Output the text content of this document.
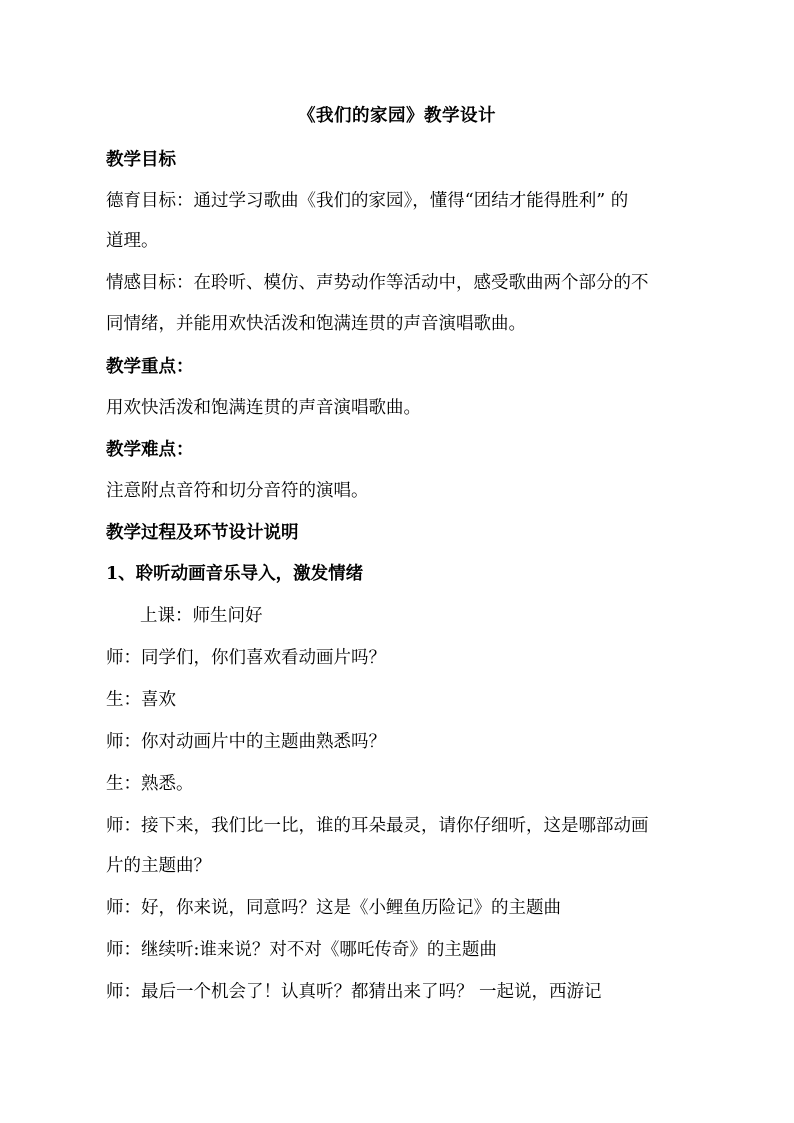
《我们的家园》教学设计
教学目标
德育目标：通过学习歌曲《我们的家园》，懂得“团结才能得胜利” 的
道理。
情感目标：在聆听、模仿、声势动作等活动中，感受歌曲两个部分的不
同情绪，并能用欢快活泼和饱满连贯的声音演唱歌曲。
教学重点：
用欢快活泼和饱满连贯的声音演唱歌曲。
教学难点：
注意附点音符和切分音符的演唱。
教学过程及环节设计说明
1、聆听动画音乐导入，激发情绪
上课：师生问好
师：同学们，你们喜欢看动画片吗？
生：喜欢
师：你对动画片中的主题曲熟悉吗？
生：熟悉。
师：接下来，我们比一比，谁的耳朵最灵，请你仔细听，这是哪部动画
片的主题曲？
师：好，你来说，同意吗？这是《小鲤鱼历险记》的主题曲
师：继续听:谁来说？对不对《哪吒传奇》的主题曲
师：最后一个机会了！认真听？都猜出来了吗？ 一起说，西游记
